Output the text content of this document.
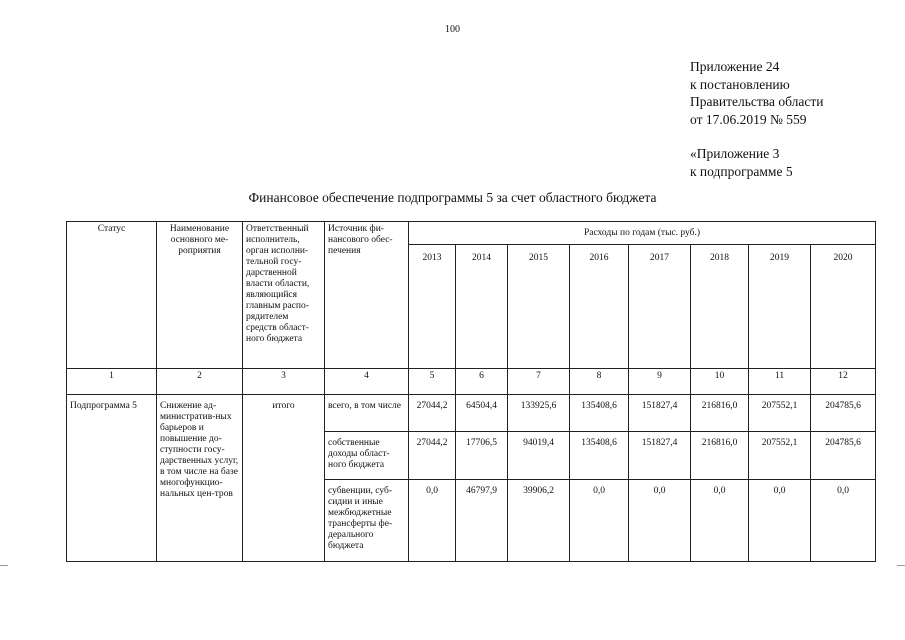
100
Приложение 24
к постановлению
Правительства области
от 17.06.2019 № 559
«Приложение 3
к подпрограмме 5
Финансовое обеспечение подпрограммы 5 за счет областного бюджета
Статус	Наименование основного ме-роприятия	Ответственный исполнитель, орган исполни-тельной госу-дарственной власти области, являющийся главным распо-рядителем средств област-ного бюджета	Источник фи-нансового обес-печения	Расходы по годам (тыс. руб.)							
				2013	2014	2015	2016	2017	2018	2019	2020
1	2	3	4	5	6	7	8	9	10	11	12
Подпрограмма 5	Снижение ад-министратив-ных барьеров и повышение до-ступности госу-дарственных услуг, в том числе на базе многофункцио-нальных цен-тров	итого	всего, в том числе	27044,2	64504,4	133925,6	135408,6	151827,4	216816,0	207552,1	204785,6
			собственные доходы област-ного бюджета	27044,2	17706,5	94019,4	135408,6	151827,4	216816,0	207552,1	204785,6
			субвенции, суб-сидии и иные межбюджетные трансферты фе-дерального бюджета	0,0	46797,9	39906,2	0,0	0,0	0,0	0,0	0,0
